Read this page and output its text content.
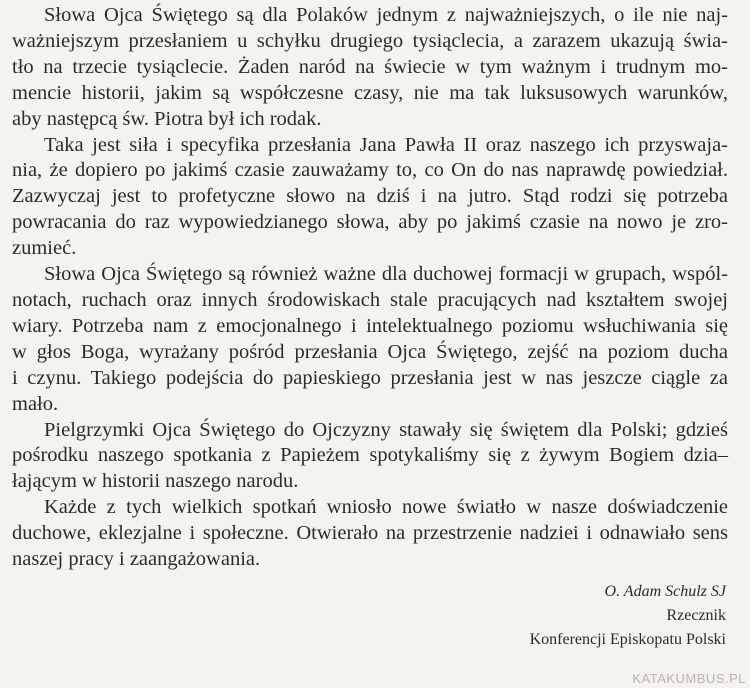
Słowa Ojca Świętego są dla Polaków jednym z najważniejszych, o ile nie naj-
ważniejszym przesłaniem u schyłku drugiego tysiąclecia, a zarazem ukazują świa-
tło na trzecie tysiąclecie. Żaden naród na świecie w tym ważnym i trudnym mo-
mencie historii, jakim są współczesne czasy, nie ma tak luksusowych warunków,
aby następcą św. Piotra był ich rodak.

Taka jest siła i specyfika przesłania Jana Pawła II oraz naszego ich przyswaja-
nia, że dopiero po jakimś czasie zauważamy to, co On do nas naprawdę powiedział.
Zazwyczaj jest to profetyczne słowo na dziś i na jutro. Stąd rodzi się potrzeba
powracania do raz wypowiedzianego słowa, aby po jakimś czasie na nowo je zro-
zumieć.

Słowa Ojca Świętego są również ważne dla duchowej formacji w grupach, wspól-
notach, ruchach oraz innych środowiskach stale pracujących nad kształtem swojej
wiary. Potrzeba nam z emocjonalnego i intelektualnego poziomu wsłuchiwania się
w głos Boga, wyrażany pośród przesłania Ojca Świętego, zejść na poziom ducha
i czynu. Takiego podejścia do papieskiego przesłania jest w nas jeszcze ciągle za
mało.

Pielgrzymki Ojca Świętego do Ojczyzny stawały się świętem dla Polski; gdzieś
pośrodku naszego spotkania z Papieżem spotykaliśmy się z żywym Bogiem dzia–
łającym w historii naszego narodu.

Każde z tych wielkich spotkań wniosło nowe światło w nasze doświadczenie
duchowe, eklezjalne i społeczne. Otwierało na przestrzenie nadziei i odnawiało sens
naszej pracy i zaangażowania.

O. Adam Schulz SJ
Rzecznik
Konferencji Episkopatu Polski
KATAKUMBUS.PL
